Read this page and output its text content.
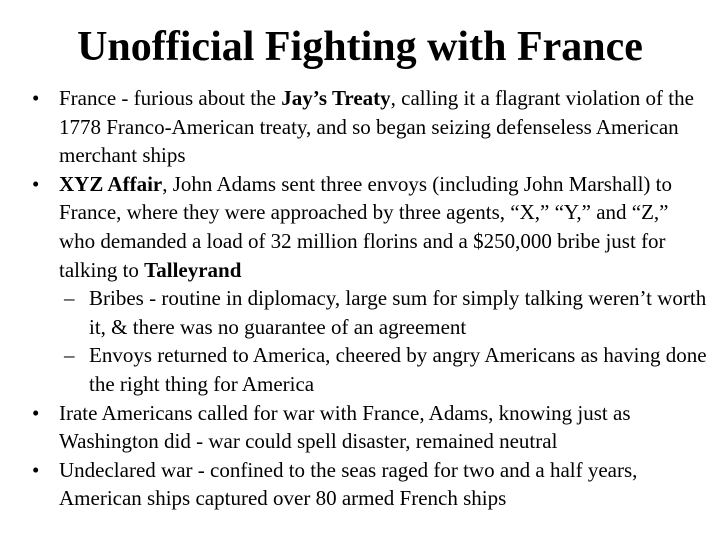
Unofficial Fighting with France
• France - furious about the Jay’s Treaty, calling it a flagrant violation of the 1778 Franco-American treaty, and so began seizing defenseless American merchant ships
• XYZ Affair, John Adams sent three envoys (including John Marshall) to France, where they were approached by three agents, “X,” “Y,” and “Z,” who demanded a load of 32 million florins and a $250,000 bribe just for talking to Talleyrand
– Bribes - routine in diplomacy, large sum for simply talking weren’t worth it, & there was no guarantee of an agreement
– Envoys returned to America, cheered by angry Americans as having done the right thing for America
• Irate Americans called for war with France, Adams, knowing just as Washington did - war could spell disaster, remained neutral
• Undeclared war - confined to the seas raged for two and a half years, American ships captured over 80 armed French ships
